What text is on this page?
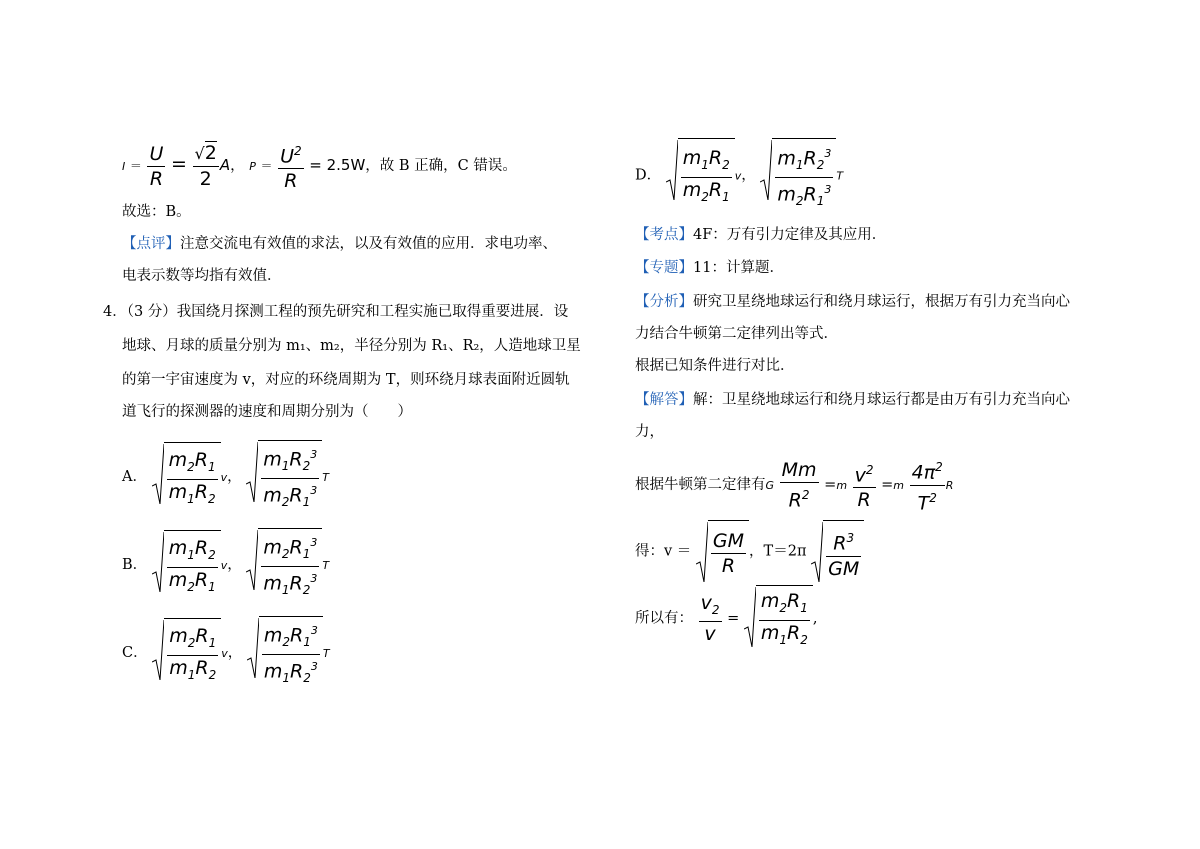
$I = \frac{U}{R} = \frac{√2}{2}$ A， $P = \frac{U^2}{R} = 2.5W$，故 B 正确，C 错误。
故选：B。
【点评】注意交流电有效值的求法，以及有效值的应用．求电功率、
电表示数等均指有效值．
4．（3 分）我国绕月探测工程的预先研究和工程实施已取得重要进展．设
地球、月球的质量分别为 m₁、m₂，半径分别为 R₁、R₂，人造地球卫星
的第一宇宙速度为 v，对应的环绕周期为 T，则环绕月球表面附近圆轨
道飞行的探测器的速度和周期分别为（　　）
A． $\frac{m_2R_1}{m_1R_2}$ v， $\frac{m_1R_2^3}{m_2R_1^3}$ T
B． $\frac{m_1R_2}{m_2R_1}$ v， $\frac{m_2R_1^3}{m_1R_2^3}$ T
C． $\frac{m_2R_1}{m_1R_2}$ v， $\frac{m_2R_1^3}{m_1R_2^3}$ T
D． $\frac{m_1R_2}{m_2R_1}$ v， $\frac{m_1R_2^3}{m_2R_1^3}$ T
【考点】4F：万有引力定律及其应用．
【专题】11：计算题．
【分析】研究卫星绕地球运行和绕月球运行，根据万有引力充当向心
力结合牛顿第二定律列出等式．
根据已知条件进行对比．
【解答】解：卫星绕地球运行和绕月球运行都是由万有引力充当向心
力，
根据牛顿第二定律有G $\frac{Mm}{R^2} =m \frac{v^2}{R} =m \frac{4\pi^2}{T^2}$ R
得：$v = \frac{GM}{R}$ ，$T=2\pi \frac{R^3}{GM}$
所以有： $\frac{v_2}{v} = \frac{m_2R_1}{m_1R_2}$ ,
